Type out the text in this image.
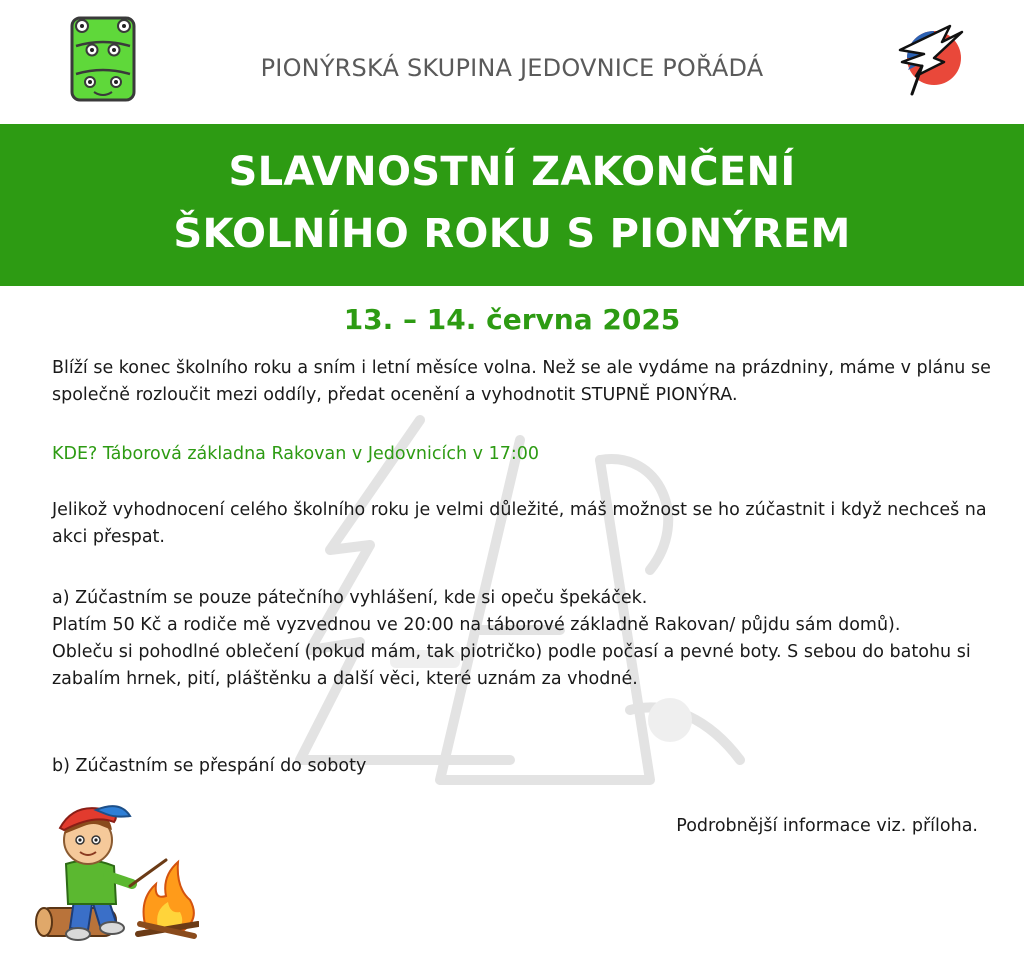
PIONÝRSKÁ SKUPINA JEDOVNICE POŘÁDÁ
SLAVNOSTNÍ ZAKONČENÍ
ŠKOLNÍHO ROKU S PIONÝREM
13. – 14. června 2025
Blíží se konec školního roku a sním i letní měsíce volna. Než se ale vydáme na prázdniny, máme v plánu se společně rozloučit mezi oddíly, předat ocenění a vyhodnotit STUPNĚ PIONÝRA.
KDE? Táborová základna Rakovan v Jedovnicích v 17:00
Jelikož vyhodnocení celého školního roku je velmi důležité, máš možnost se ho zúčastnit i když nechceš na akci přespat.
a) Zúčastním se pouze pátečního vyhlášení, kde si opeču špekáček.
Platím 50 Kč a rodiče mě vyzvednou ve 20:00 na táborové základně Rakovan/ půjdu sám domů).
Obleču si pohodlné oblečení (pokud mám, tak piotričko) podle počasí a pevné boty. S sebou do batohu si zabalím hrnek, pití, pláštěnku a další věci, které uznám za vhodné.
b) Zúčastním se přespání do soboty
Podrobnější informace viz. příloha.
